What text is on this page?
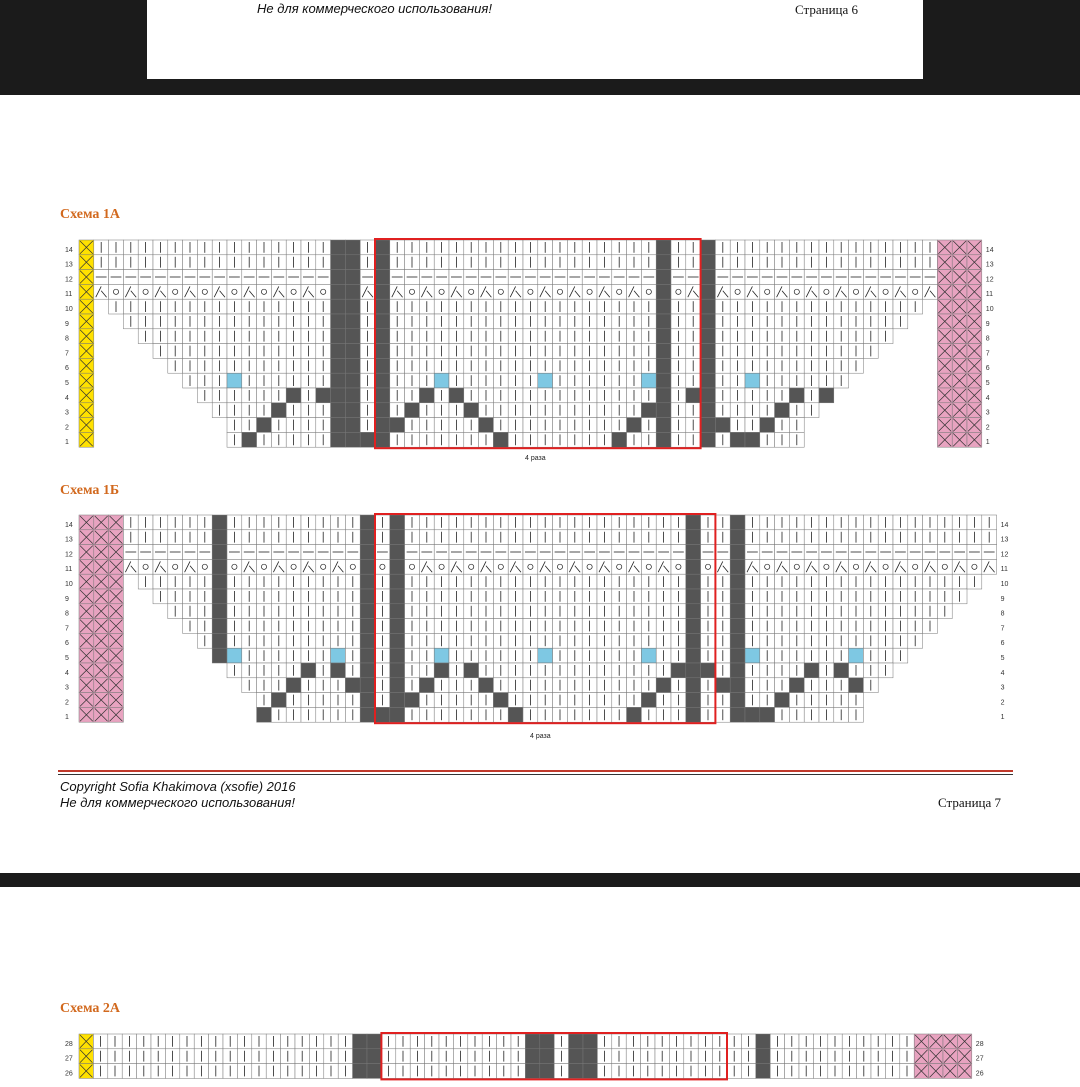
Не для коммерческого использования!	Страница 6
Схема 1А
14	14
13	13
12	12
11	11
10	10
9	9
8	8
7	7
6	6
5	5
4	4
3	3
2	2
1	1
4 раза
Схема 1Б
14	14
13	13
12	12
11	11
10	10
9	9
8	8
7	7
6	6
5	5
4	4
3	3
2	2
1	1
4 раза
Copyright Sofia Khakimova (xsofie) 2016
Не для коммерческого использования!	Страница 7
Схема 2А
28	28
27	27
26	26
